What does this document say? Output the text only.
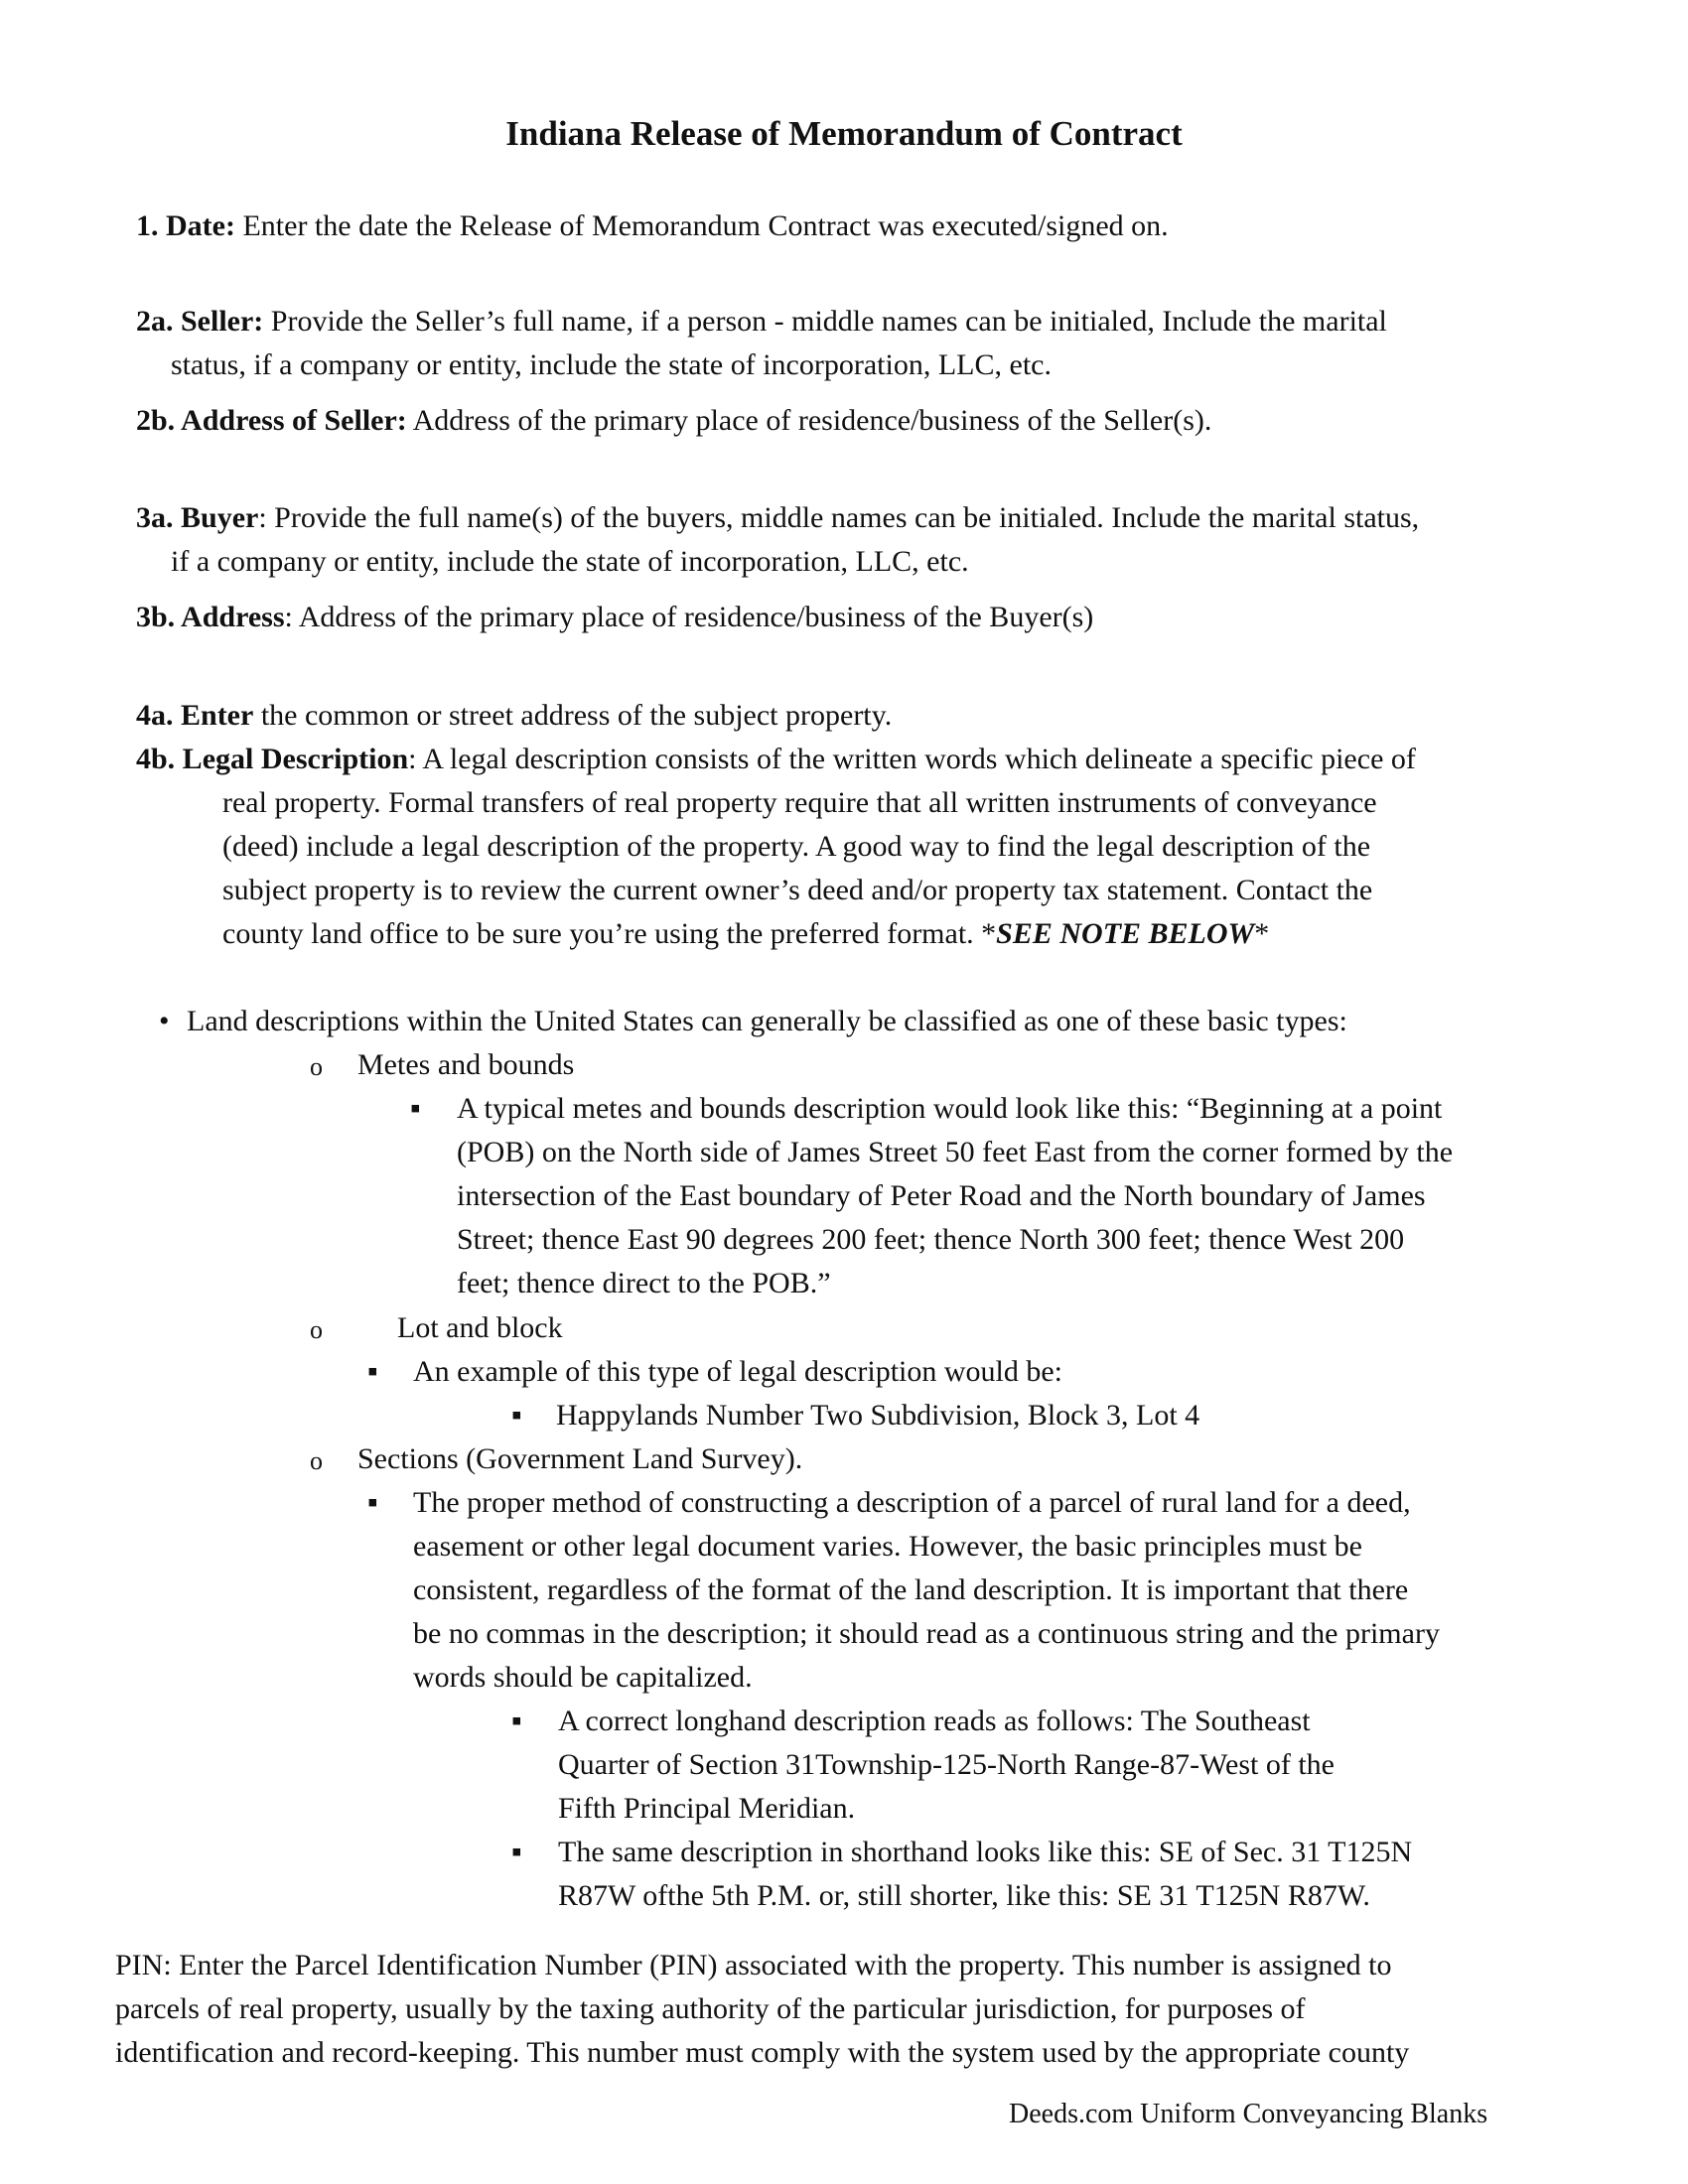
Indiana Release of Memorandum of Contract
1. Date: Enter the date the Release of Memorandum Contract was executed/signed on.
2a. Seller: Provide the Seller’s full name, if a person - middle names can be initialed, Include the marital
status, if a company or entity, include the state of incorporation, LLC, etc.
2b. Address of Seller: Address of the primary place of residence/business of the Seller(s).
3a. Buyer: Provide the full name(s) of the buyers, middle names can be initialed. Include the marital status,
if a company or entity, include the state of incorporation, LLC, etc.
3b. Address: Address of the primary place of residence/business of the Buyer(s)
4a. Enter the common or street address of the subject property.
4b. Legal Description: A legal description consists of the written words which delineate a specific piece of
real property. Formal transfers of real property require that all written instruments of conveyance
(deed) include a legal description of the property. A good way to find the legal description of the
subject property is to review the current owner’s deed and/or property tax statement. Contact the
county land office to be sure you’re using the preferred format. *SEE NOTE BELOW*
• Land descriptions within the United States can generally be classified as one of these basic types:
o Metes and bounds
▪ A typical metes and bounds description would look like this: “Beginning at a point
(POB) on the North side of James Street 50 feet East from the corner formed by the
intersection of the East boundary of Peter Road and the North boundary of James
Street; thence East 90 degrees 200 feet; thence North 300 feet; thence West 200
feet; thence direct to the POB.”
o	Lot and block
▪ An example of this type of legal description would be:
▪ Happylands Number Two Subdivision, Block 3, Lot 4
o Sections (Government Land Survey).
▪ The proper method of constructing a description of a parcel of rural land for a deed,
easement or other legal document varies. However, the basic principles must be
consistent, regardless of the format of the land description. It is important that there
be no commas in the description; it should read as a continuous string and the primary
words should be capitalized.
▪ A correct longhand description reads as follows: The Southeast
Quarter of Section 31Township-125-North Range-87-West of the
Fifth Principal Meridian.
▪ The same description in shorthand looks like this: SE of Sec. 31 T125N
R87W ofthe 5th P.M. or, still shorter, like this: SE 31 T125N R87W.
PIN: Enter the Parcel Identification Number (PIN) associated with the property. This number is assigned to
parcels of real property, usually by the taxing authority of the particular jurisdiction, for purposes of
identification and record-keeping. This number must comply with the system used by the appropriate county
Deeds.com Uniform Conveyancing Blanks
